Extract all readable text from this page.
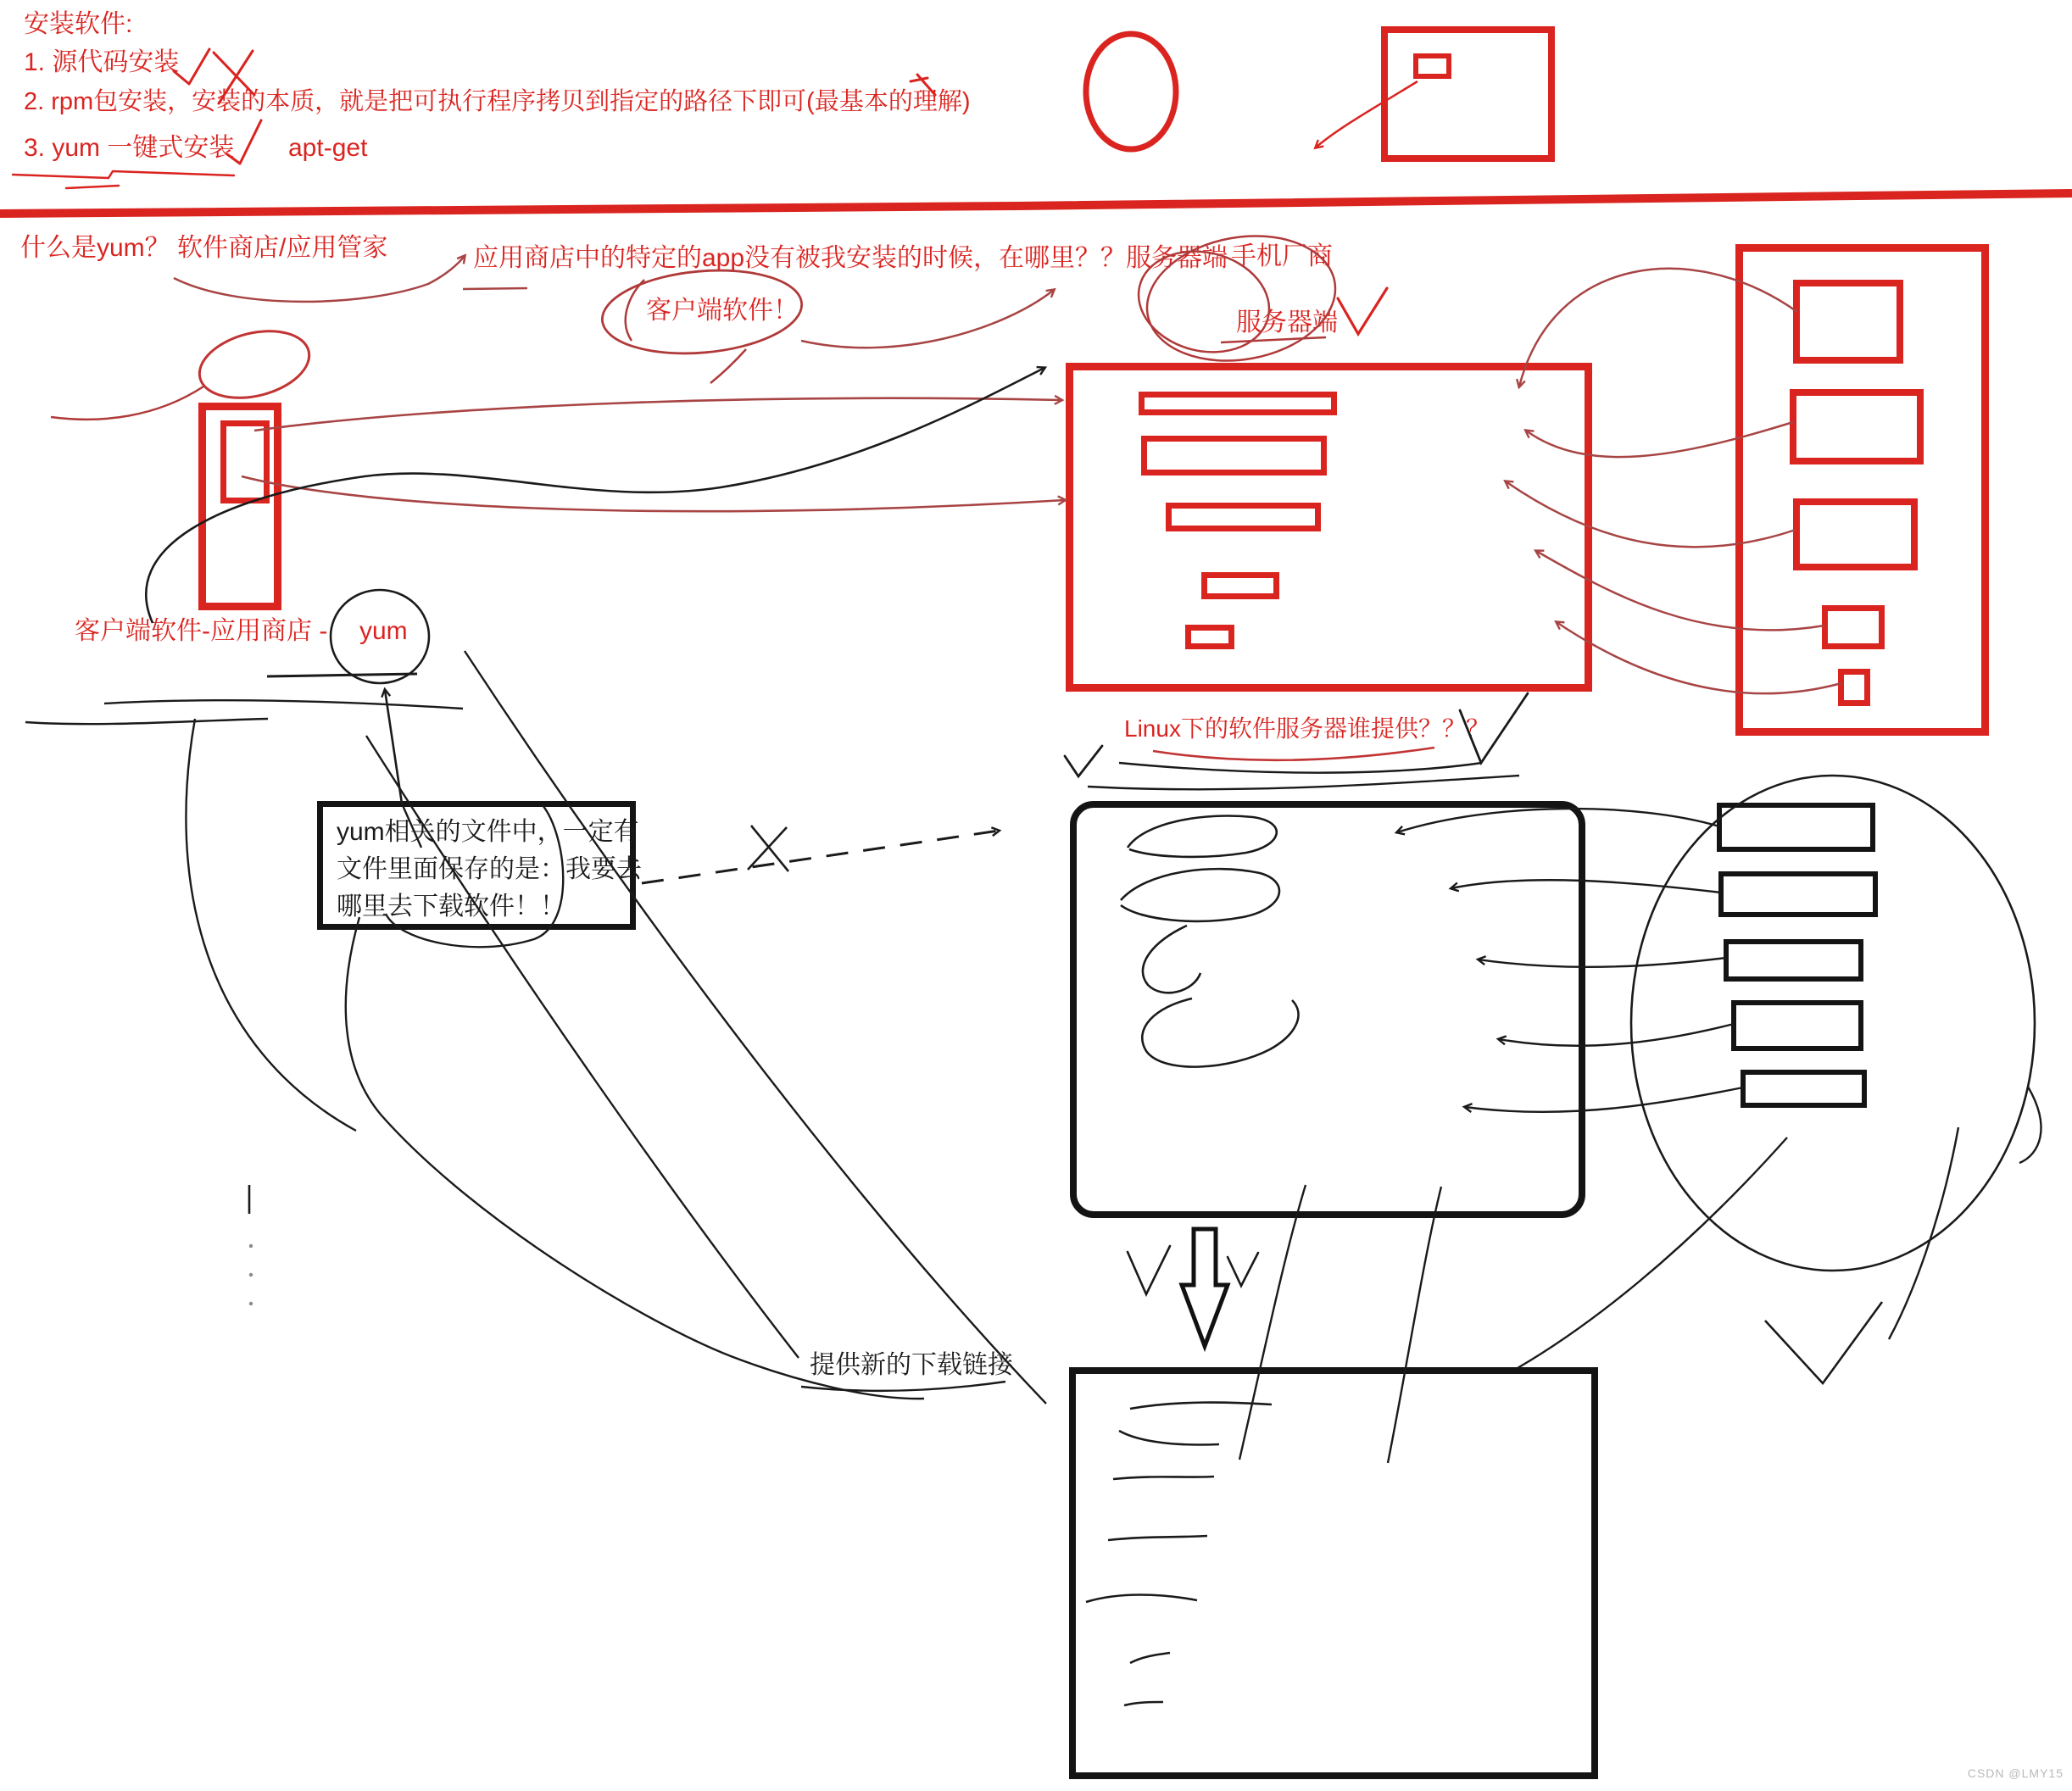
安装软件:
1. 源代码安装
2. rpm包安装，安装的本质，就是把可执行程序拷贝到指定的路径下即可(最基本的理解)
3. yum 一键式安装 apt-get
什么是yum？ 软件商店/应用管家	应用商店中的特定的app没有被我安装的时候，在哪里？？服务器端 手机厂商
服务器端
客户端软件！
客户端软件-应用商店 - yum
Linux下的软件服务器谁提供？？？
提供新的下载链接
yum相关的文件中，一定有
文件里面保存的是：我要去
哪里去下载软件！！
CSDN @LMY15
